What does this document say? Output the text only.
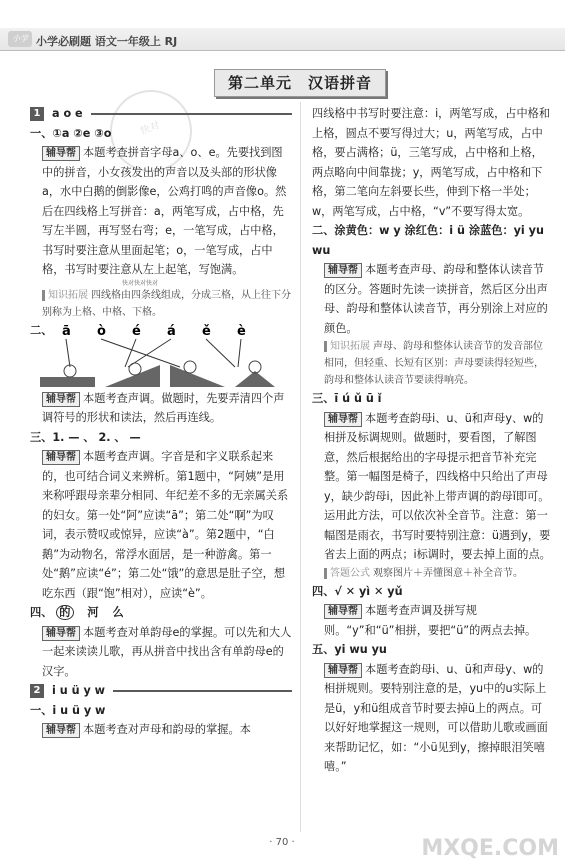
小学 小学必刷题 语文一年级上 RJ
第二单元　汉语拼音
快对
1	a o e

一、①a ②e ③o

辅导帮 本题考查拼音字母a、o、e。先要找到图中的拼音，小女孩发出的声音以及头部的形状像a，水中白鹅的倒影像e，公鸡打鸣的声音像o。然后在四线格上写拼音：a，两笔写成，占中格，先写左半圆，再写竖右弯；e，一笔写成，占中格，书写时要注意从里面起笔；o，一笔写成，占中格，书写时要注意从左上起笔，写饱满。

快对快对快对

知识拓展 四线格由四条线组成，分成三格，从上往下分别称为上格、中格、下格。

二、 ā ò é á ě è

辅导帮 本题考查声调。做题时，先要弄清四个声调符号的形状和读法，然后再连线。

三、1. — 、 2. 、 —

辅导帮 本题考查声调。字音是和字义联系起来的，也可结合词义来辨析。第1题中，“阿姨”是用来称呼跟母亲辈分相同、年纪差不多的无亲属关系的妇女。第一处“阿”应读“ā”；第二处“啊”为叹词，表示赞叹或惊异，应读“à”。第2题中，“白鹅”为动物名，常浮水面居，是一种游禽。第一处“鹅”应读“é”；第二处“饿”的意思是肚子空，想吃东西（跟“饱”相对），应读“è”。

四、 的 河 么

辅导帮 本题考查对单韵母e的掌握。可以先和大人一起来读读儿歌，再从拼音中找出含有单韵母e的汉字。

2	i u ü y w

一、i u ü y w

辅导帮 本题考查对声母和韵母的掌握。本

四线格中书写时要注意：i，两笔写成，占中格和上格，圆点不要写得过大；u，两笔写成，占中格，要占满格；ü，三笔写成，占中格和上格，两点略向中间靠拢；y，两笔写成，占中格和下格，第二笔向左斜要长些，伸到下格一半处；w，两笔写成，占中格，“v”不要写得太宽。

二、涂黄色：w y 涂红色：i ü 涂蓝色：yi yu wu

辅导帮 本题考查声母、韵母和整体认读音节的区分。答题时先读一读拼音，然后区分出声母、韵母和整体认读音节，再分别涂上对应的颜色。

知识拓展 声母、韵母和整体认读音节的发音部位相同，但轻重、长短有区别：声母要读得轻短些，韵母和整体认读音节要读得响亮。

三、ī ú ǔ ū ǐ

辅导帮 本题考查韵母i、u、ü和声母y、w的相拼及标调规则。做题时，要看图，了解图意，然后根据给出的字母提示把音节补充完整。第一幅图是椅子，四线格中只给出了声母y，缺少韵母i，因此补上带声调的韵母ǐ即可。运用此方法，可以依次补全音节。注意：第一幅图是雨衣，书写时要特别注意：ü遇到y，要省去上面的两点；i标调时，要去掉上面的点。

答题公式 观察图片＋弄懂图意＋补全音节。

四、√ ✕ yì ✕ yǔ

辅导帮 本题考查声调及拼写规则。“y”和“ü”相拼，要把“ü”的两点去掉。

五、yi wu yu

辅导帮 本题考查韵母i、u、ü和声母y、w的相拼规则。要特别注意的是，yu中的u实际上是ü，y和ü组成音节时要去掉ü上的两点。可以好好地掌握这一规则，可以借助儿歌或画面来帮助记忆，如：“小ü见到y，擦掉眼泪笑嘻嘻。”

· 70 ·	MXQE.COM
